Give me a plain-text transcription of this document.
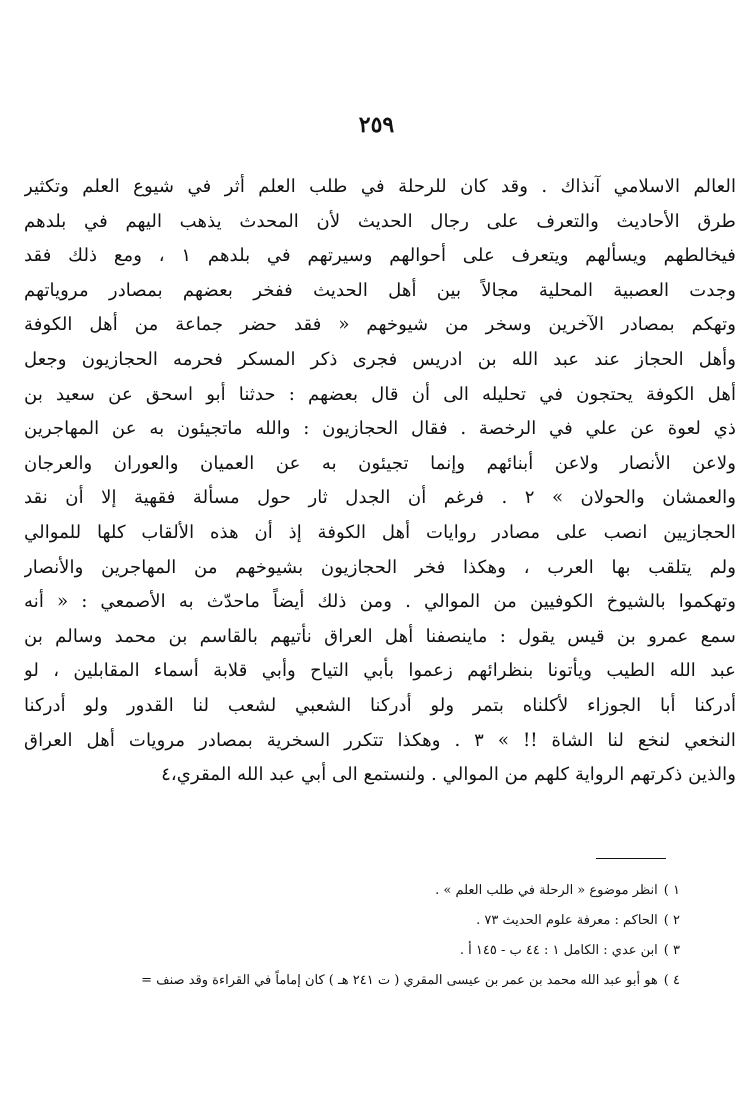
٢٥٩
العالم الاسلامي آنذاك . وقد كان للرحلة في طلب العلم أثر في شيوع العلم وتكثير
طرق الأحاديث والتعرف على رجال الحديث لأن المحدث يذهب اليهم في بلدهم
فيخالطهم ويسألهم ويتعرف على أحوالهم وسيرتهم في بلدهم ١ ، ومع ذلك فقد
وجدت العصبية المحلية مجالاً بين أهل الحديث ففخر بعضهم بمصادر مروياتهم
وتهكم بمصادر الآخرين وسخر من شيوخهم « فقد حضر جماعة من أهل الكوفة
وأهل الحجاز عند عبد الله بن ادريس فجرى ذكر المسكر فحرمه الحجازيون وجعل
أهل الكوفة يحتجون في تحليله الى أن قال بعضهم : حدثنا أبو اسحق عن سعيد بن
ذي لعوة عن علي في الرخصة . فقال الحجازيون : والله ماتجيئون به عن المهاجرين
ولاعن الأنصار ولاعن أبنائهم وإنما تجيئون به عن العميان والعوران والعرجان
والعمشان والحولان » ٢ . فرغم أن الجدل ثار حول مسألة فقهية إلا أن نقد
الحجازيين انصب على مصادر روايات أهل الكوفة إذ أن هذه الألقاب كلها للموالي
ولم يتلقب بها العرب ، وهكذا فخر الحجازيون بشيوخهم من المهاجرين والأنصار
وتهكموا بالشيوخ الكوفيين من الموالي . ومن ذلك أيضاً ماحدّث به الأصمعي : « أنه
سمع عمرو بن قيس يقول : ماينصفنا أهل العراق نأتيهم بالقاسم بن محمد وسالم بن
عبد الله الطيب ويأتونا بنظرائهم زعموا بأبي التياح وأبي قلابة أسماء المقابلين ، لو
أدركنا أبا الجوزاء لأكلناه بتمر ولو أدركنا الشعبي لشعب لنا القدور ولو أدركنا
النخعي لنخع لنا الشاة !! » ٣ . وهكذا تتكرر السخرية بمصادر مرويات أهل العراق
والذين ذكرتهم الرواية كلهم من الموالي . ولنستمع الى أبي عبد الله المقري،٤
١ )انظر موضوع « الرحلة في طلب العلم » .
٢ )الحاكم : معرفة علوم الحديث ٧٣ .
٣ )ابن عدي : الكامل ١ : ٤٤ ب - ١٤٥ أ .
٤ )هو أبو عبد الله محمد بن عمر بن عيسى المقري ( ت ٢٤١ هـ ) كان إماماً في القراءة وقد صنف =
